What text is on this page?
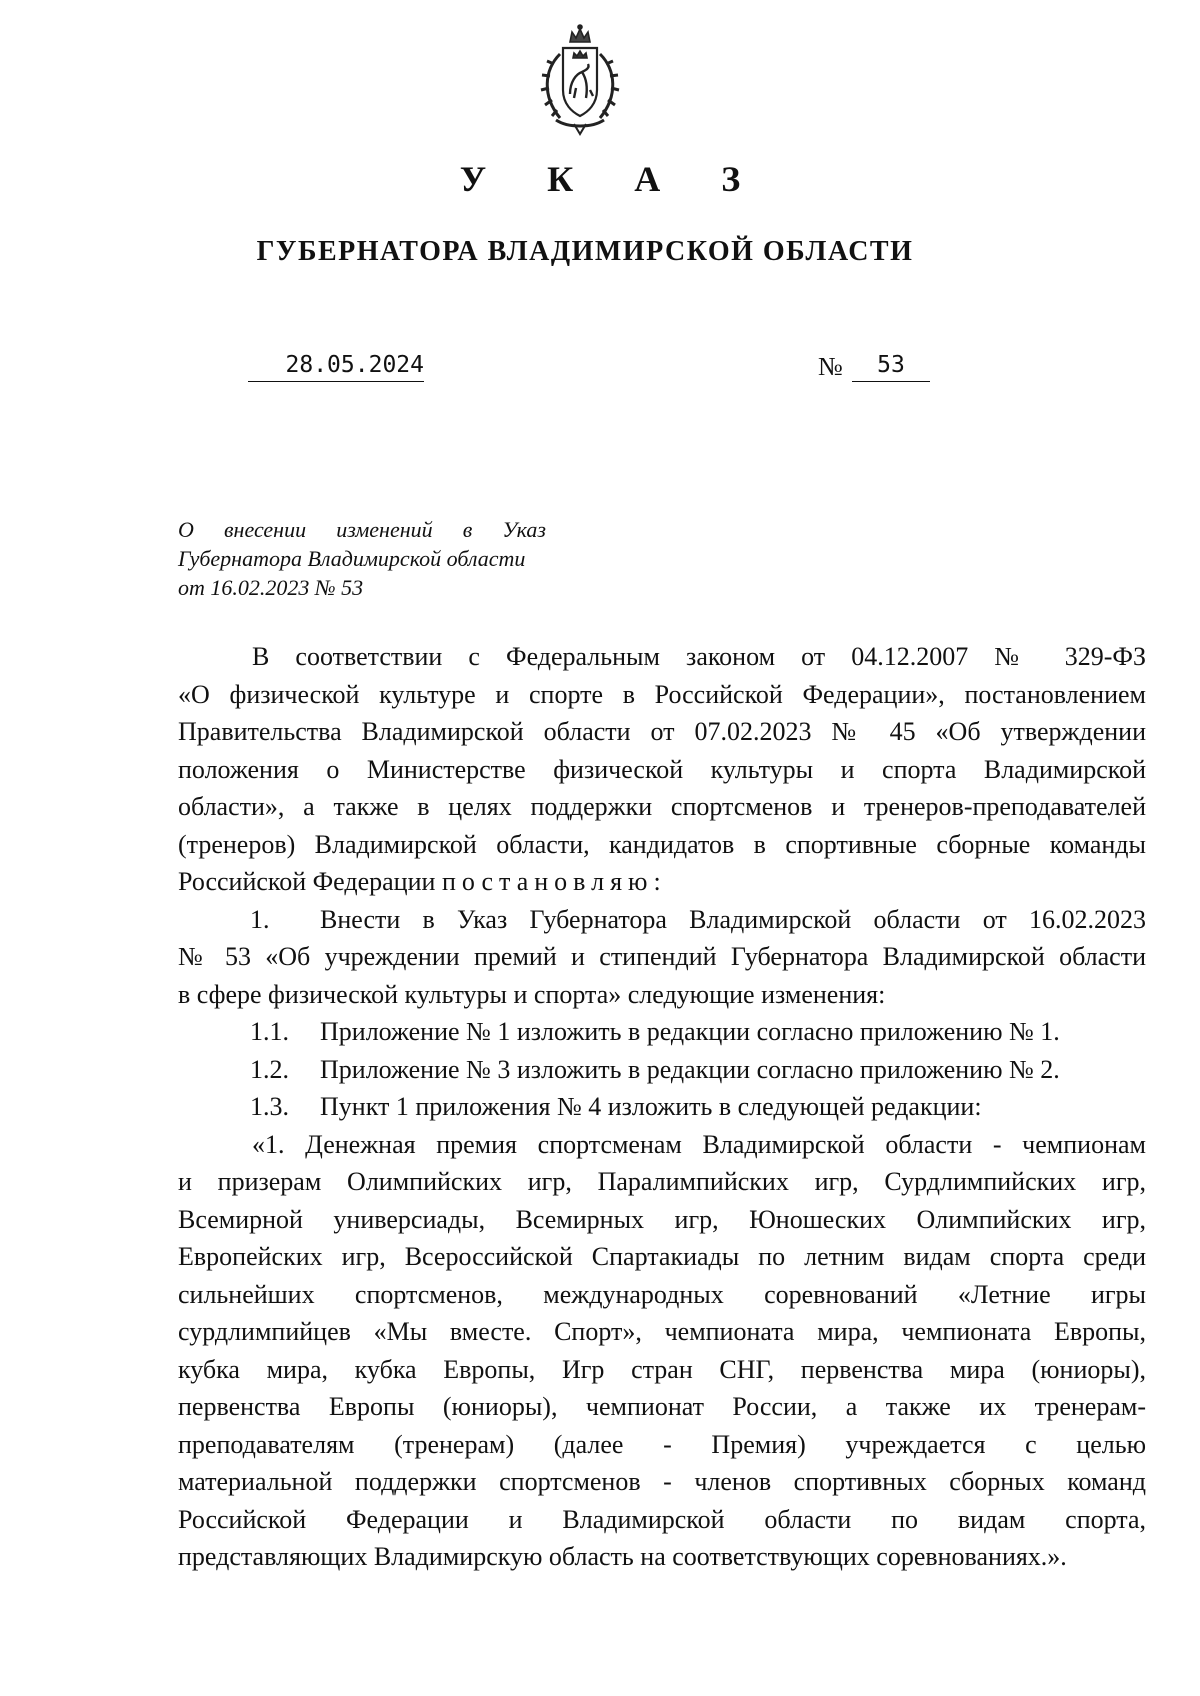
У К А З
ГУБЕРНАТОРА ВЛАДИМИРСКОЙ ОБЛАСТИ
28.05.2024	№	53
О внесении изменений в Указ
Губернатора Владимирской области
от 16.02.2023 № 53
В соответствии с Федеральным законом от 04.12.2007 № 329-ФЗ
«О физической культуре и спорте в Российской Федерации», постановлением
Правительства Владимирской области от 07.02.2023 № 45 «Об утверждении
положения о Министерстве физической культуры и спорта Владимирской
области», а также в целях поддержки спортсменов и тренеров-преподавателей
(тренеров) Владимирской области, кандидатов в спортивные сборные команды
Российской Федерации постановляю:
1. Внести в Указ Губернатора Владимирской области от 16.02.2023
№ 53 «Об учреждении премий и стипендий Губернатора Владимирской области
в сфере физической культуры и спорта» следующие изменения:
1.1. Приложение № 1 изложить в редакции согласно приложению № 1.
1.2. Приложение № 3 изложить в редакции согласно приложению № 2.
1.3. Пункт 1 приложения № 4 изложить в следующей редакции:
«1. Денежная премия спортсменам Владимирской области - чемпионам
и призерам Олимпийских игр, Паралимпийских игр, Сурдлимпийских игр,
Всемирной универсиады, Всемирных игр, Юношеских Олимпийских игр,
Европейских игр, Всероссийской Спартакиады по летним видам спорта среди
сильнейших спортсменов, международных соревнований «Летние игры
сурдлимпийцев «Мы вместе. Спорт», чемпионата мира, чемпионата Европы,
кубка мира, кубка Европы, Игр стран СНГ, первенства мира (юниоры),
первенства Европы (юниоры), чемпионат России, а также их тренерам-
преподавателям (тренерам) (далее - Премия) учреждается с целью
материальной поддержки спортсменов - членов спортивных сборных команд
Российской Федерации и Владимирской области по видам спорта,
представляющих Владимирскую область на соответствующих соревнованиях.».
